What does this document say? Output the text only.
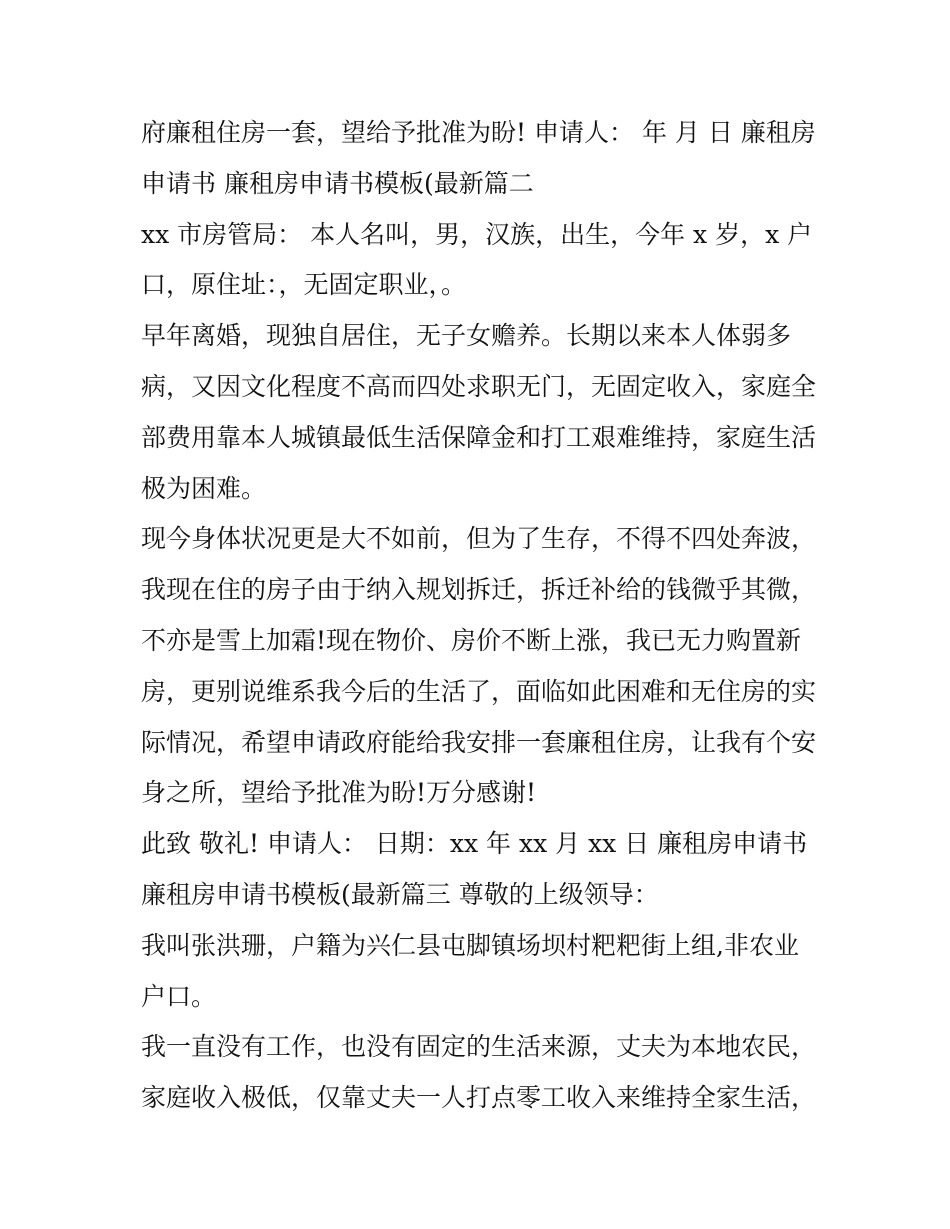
府廉租住房一套，望给予批准为盼! 申请人： 年 月 日 廉租房申请书 廉租房申请书模板(最新篇二

xx 市房管局： 本人名叫，男，汉族，出生，今年 x 岁，x 户口，原住址：，无固定职业，。

早年离婚，现独自居住，无子女赡养。长期以来本人体弱多病，又因文化程度不高而四处求职无门，无固定收入，家庭全部费用靠本人城镇最低生活保障金和打工艰难维持，家庭生活极为困难。

现今身体状况更是大不如前，但为了生存，不得不四处奔波，我现在住的房子由于纳入规划拆迁，拆迁补给的钱微乎其微，不亦是雪上加霜!现在物价、房价不断上涨，我已无力购置新房，更别说维系我今后的生活了，面临如此困难和无住房的实际情况，希望申请政府能给我安排一套廉租住房，让我有个安身之所，望给予批准为盼!万分感谢!

此致 敬礼! 申请人： 日期：xx 年 xx 月 xx 日 廉租房申请书 廉租房申请书模板(最新篇三 尊敬的上级领导：

我叫张洪珊，户籍为兴仁县屯脚镇场坝村粑粑街上组,非农业户口。

我一直没有工作，也没有固定的生活来源，丈夫为本地农民，家庭收入极低，仅靠丈夫一人打点零工收入来维持全家生活，
